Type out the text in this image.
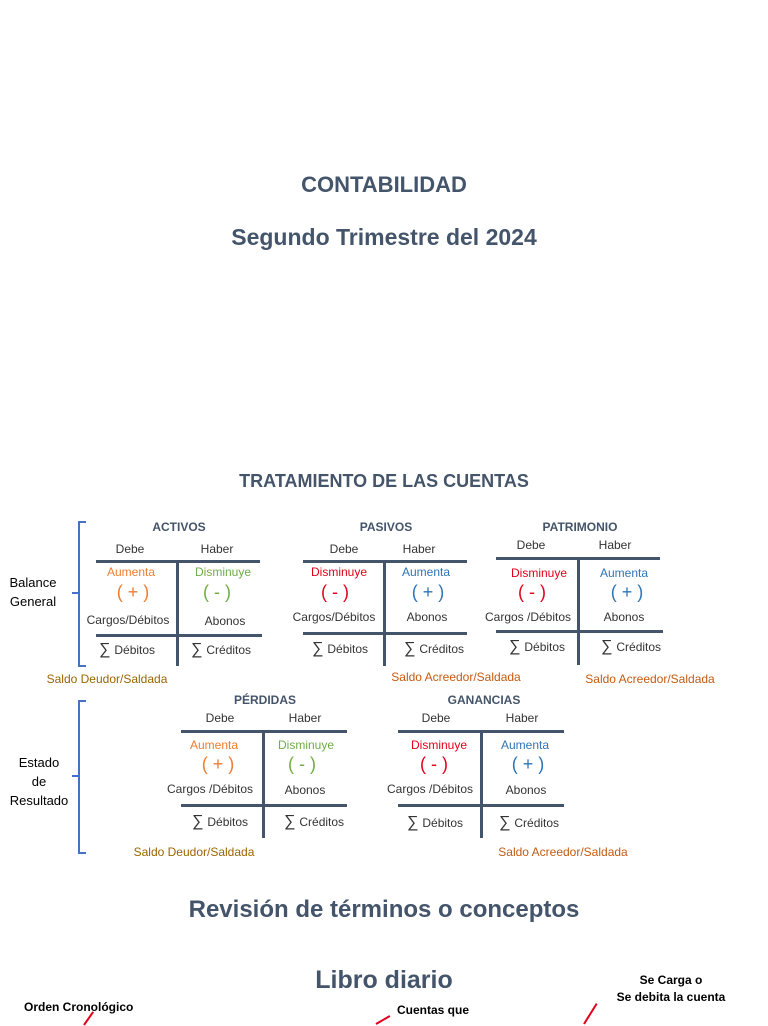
CONTABILIDAD
Segundo Trimestre del 2024
TRATAMIENTO DE LAS CUENTAS
Balance
General
Estado
de
Resultado
ACTIVOS
Debe	Haber
Aumenta	Disminuye
( + )	( - )
Cargos/Débitos	Abonos
∑ Débitos ∑ Créditos
PASIVOS
Debe	Haber
Disminuye	Aumenta
( - )	( + )
Cargos/Débitos	Abonos
∑ Débitos ∑ Créditos
PATRIMONIO
Debe	Haber
Disminuye	Aumenta
( - )	( + )
Cargos /Débitos	Abonos
∑ Débitos ∑ Créditos
Saldo Deudor/Saldada	Saldo Acreedor/Saldada	Saldo Acreedor/Saldada
PÉRDIDAS
Debe	Haber
Aumenta	Disminuye
( + )	( - )
Cargos /Débitos	Abonos
∑ Débitos ∑ Créditos
GANANCIAS
Debe	Haber
Disminuye	Aumenta
( - )	( + )
Cargos /Débitos	Abonos
∑ Débitos ∑ Créditos
Saldo Deudor/Saldada	Saldo Acreedor/Saldada
Revisión de términos o conceptos
Libro diario
Orden Cronológico	Cuentas que
Se Carga o
Se debita la cuenta
